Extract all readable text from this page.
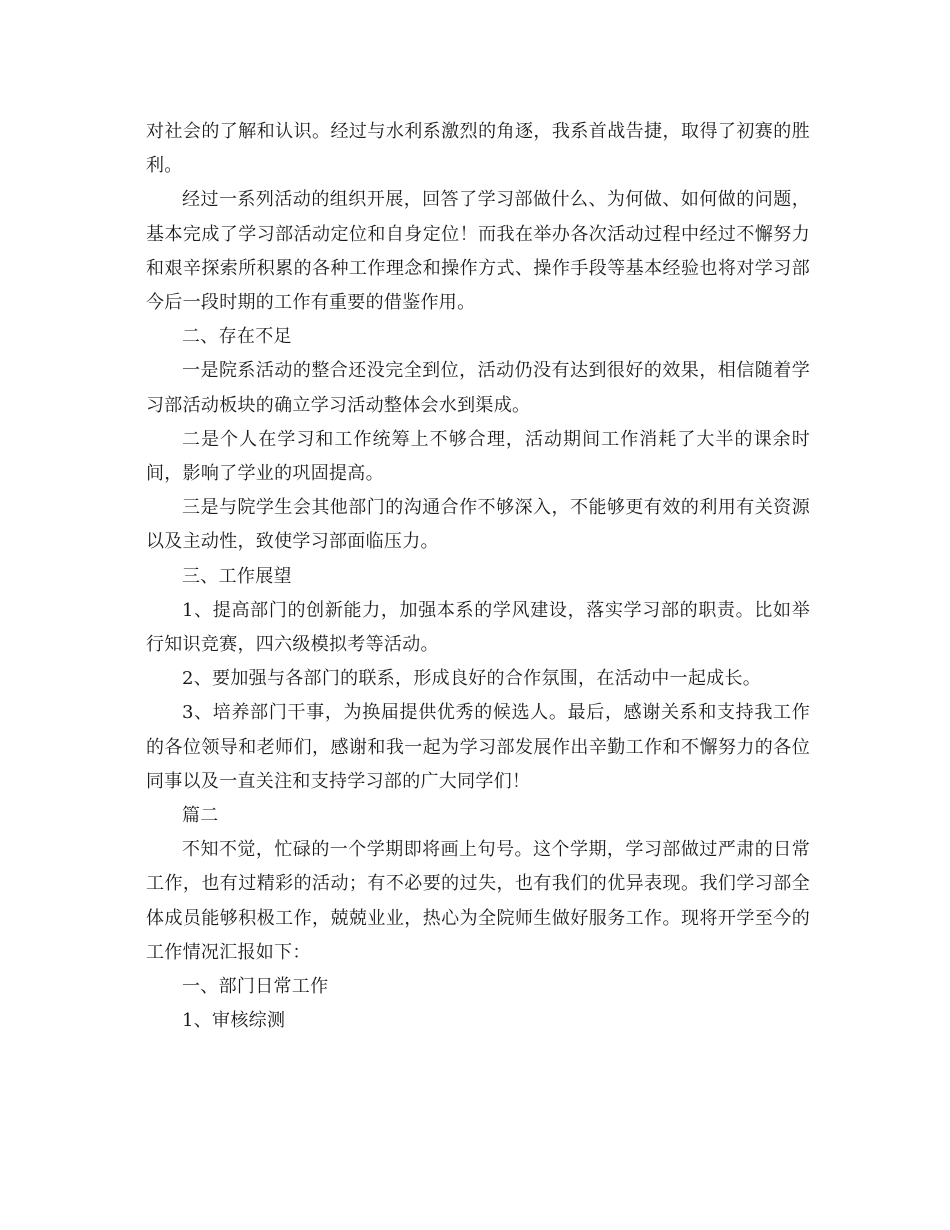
对社会的了解和认识。经过与水利系激烈的角逐，我系首战告捷，取得了初赛的胜利。

经过一系列活动的组织开展，回答了学习部做什么、为何做、如何做的问题，基本完成了学习部活动定位和自身定位！而我在举办各次活动过程中经过不懈努力和艰辛探索所积累的各种工作理念和操作方式、操作手段等基本经验也将对学习部今后一段时期的工作有重要的借鉴作用。

二、存在不足

一是院系活动的整合还没完全到位，活动仍没有达到很好的效果，相信随着学习部活动板块的确立学习活动整体会水到渠成。

二是个人在学习和工作统筹上不够合理，活动期间工作消耗了大半的课余时间，影响了学业的巩固提高。

三是与院学生会其他部门的沟通合作不够深入，不能够更有效的利用有关资源以及主动性，致使学习部面临压力。

三、工作展望

1、提高部门的创新能力，加强本系的学风建设，落实学习部的职责。比如举行知识竞赛，四六级模拟考等活动。

2、要加强与各部门的联系，形成良好的合作氛围，在活动中一起成长。

3、培养部门干事，为换届提供优秀的候选人。最后，感谢关系和支持我工作的各位领导和老师们，感谢和我一起为学习部发展作出辛勤工作和不懈努力的各位同事以及一直关注和支持学习部的广大同学们！

篇二

不知不觉，忙碌的一个学期即将画上句号。这个学期，学习部做过严肃的日常工作，也有过精彩的活动；有不必要的过失，也有我们的优异表现。我们学习部全体成员能够积极工作，兢兢业业，热心为全院师生做好服务工作。现将开学至今的工作情况汇报如下：

一、部门日常工作

1、审核综测
